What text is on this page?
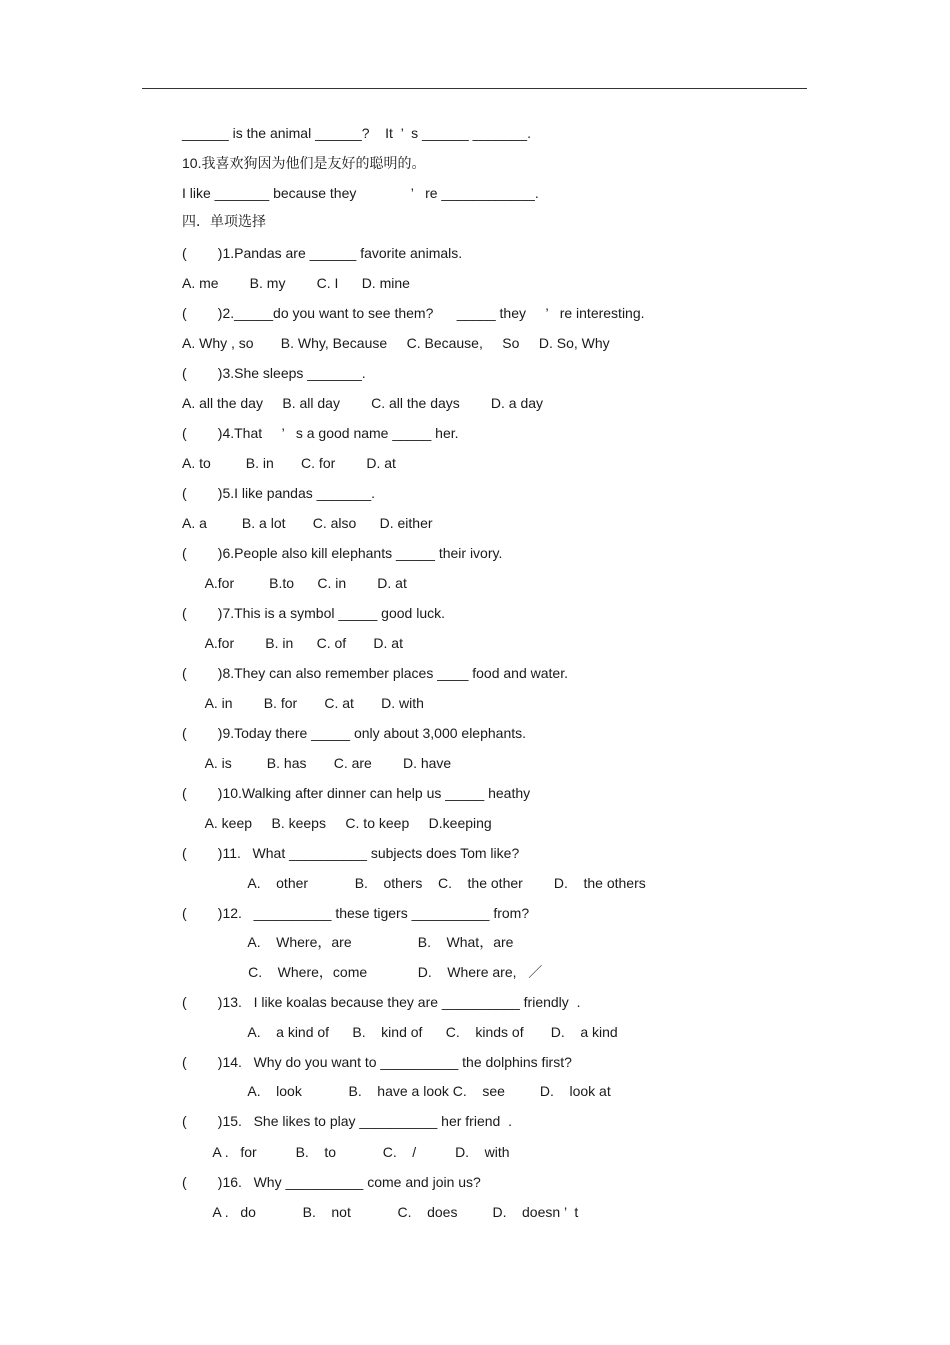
______ is the animal ______?    It  ’  s ______ _______.
10.我喜欢狗因为他们是友好的聪明的。
I like _______ because they              ’   re ____________.
四．单项选择
(        )1.Pandas are ______ favorite animals.
A. me        B. my        C. I      D. mine
(        )2._____do you want to see them?      _____ they     ’   re interesting.
A. Why , so       B. Why, Because     C. Because,     So     D. So, Why
(        )3.She sleeps _______.
A. all the day     B. all day        C. all the days        D. a day
(        )4.That     ’   s a good name _____ her.
A. to         B. in       C. for        D. at
(        )5.I like pandas _______.
A. a         B. a lot       C. also      D. either
(        )6.People also kill elephants _____ their ivory.
A.for         B.to      C. in        D. at
(        )7.This is a symbol _____ good luck.
A.for        B. in      C. of       D. at
(        )8.They can also remember places ____ food and water.
A. in        B. for       C. at       D. with
(        )9.Today there _____ only about 3,000 elephants.
A. is         B. has       C. are        D. have
(        )10.Walking after dinner can help us _____ heathy
A. keep     B. keeps     C. to keep     D.keeping
(        )11.   What __________ subjects does Tom like?
A.    other            B.    others    C.    the other        D.    the others
(        )12.   __________ these tigers __________ from?
A.    Where，are                 B.    What，are
C.    Where，come             D.    Where are,   ／
(        )13.   I like koalas because they are __________ friendly  .
A.    a kind of      B.    kind of      C.    kinds of       D.    a kind
(        )14.   Why do you want to __________ the dolphins first?
A.    look            B.    have a look C.    see         D.    look at
(        )15.   She likes to play __________ her friend  .
A .   for          B.    to            C.    /          D.    with
(        )16.   Why __________ come and join us?
A .   do            B.    not            C.    does         D.    doesn ’  t
